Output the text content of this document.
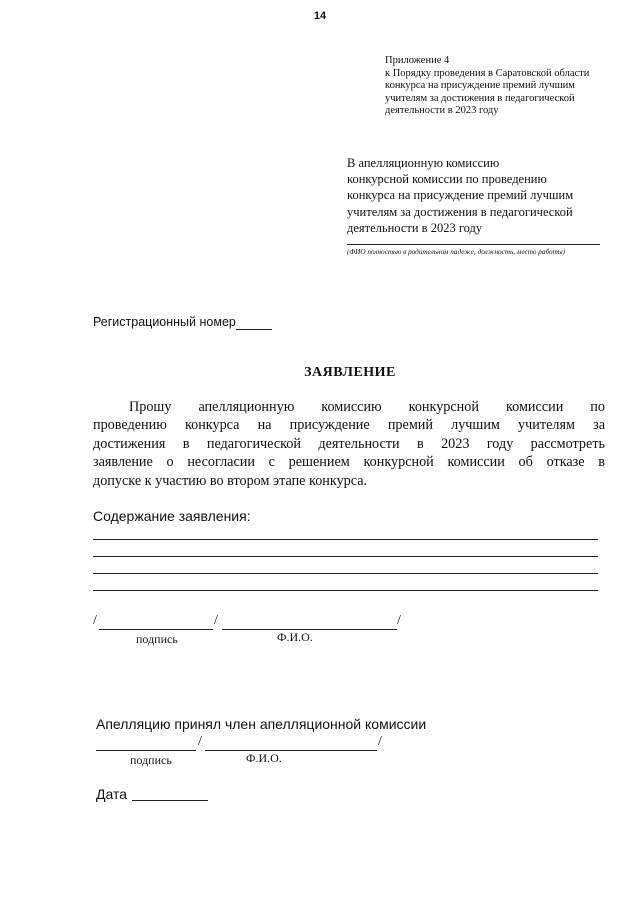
14
Приложение 4
к Порядку проведения в Саратовской области
конкурса на присуждение премий лучшим
учителям за достижения в педагогической
деятельности в 2023 году
В апелляционную комиссию
конкурсной комиссии по проведению
конкурса на присуждение премий лучшим
учителям за достижения в педагогической
деятельности в 2023 году
(ФИО полностью в родительном падеже, должность, место работы)
Регистрационный номер
ЗАЯВЛЕНИЕ
Прошу апелляционную комиссию конкурсной комиссии по
проведению конкурса на присуждение премий лучшим учителям за
достижения в педагогической деятельности в 2023 году рассмотреть
заявление о несогласии с решением конкурсной комиссии об отказе в
допуске к участию во втором этапе конкурса.
Содержание заявления:
/	/	/
подпись	Ф.И.О.
Апелляцию принял член апелляционной комиссии
/	/
подпись	Ф.И.О.
Дата
